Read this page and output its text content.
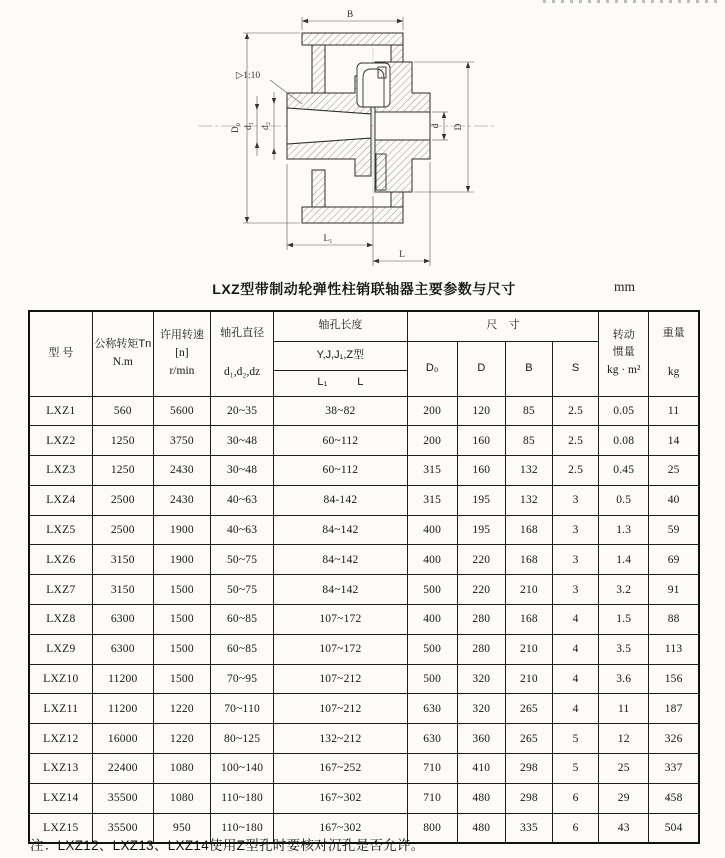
B
D₀ d₁ d₂	d D
L₁
L
▷1:10
LXZ型带制动轮弹性柱销联轴器主要参数与尺寸	mm
型 号	公称转矩Tn
N.m	许用转速
[n]
r/min	轴孔直径
d₁,d₂,dz	轴孔长度	尺　寸				转动
惯量
kg · m²	重量
kg

				Y,J,J₁,Z型	D₀	D	B	S		

				L₁ L						

LXZ1	560	5600	20~35	38~82	200	120	85	2.5	0.05	11
LXZ2	1250	3750	30~48	60~112	200	160	85	2.5	0.08	14
LXZ3	1250	2430	30~48	60~112	315	160	132	2.5	0.45	25
LXZ4	2500	2430	40~63	84-142	315	195	132	3	0.5	40
LXZ5	2500	1900	40~63	84~142	400	195	168	3	1.3	59
LXZ6	3150	1900	50~75	84~142	400	220	168	3	1.4	69
LXZ7	3150	1500	50~75	84~142	500	220	210	3	3.2	91
LXZ8	6300	1500	60~85	107~172	400	280	168	4	1.5	88
LXZ9	6300	1500	60~85	107~172	500	280	210	4	3.5	113
LXZ10	11200	1500	70~95	107~212	500	320	210	4	3.6	156
LXZ11	11200	1220	70~110	107~212	630	320	265	4	11	187
LXZ12	16000	1220	80~125	132~212	630	360	265	5	12	326
LXZ13	22400	1080	100~140	167~252	710	410	298	5	25	337
LXZ14	35500	1080	110~180	167~302	710	480	298	6	29	458
LXZ15	35500	950	110~180	167~302	800	480	335	6	43	504
注：LXZ12、LXZ13、LXZ14使用Z型孔时要核对沉孔是否允许。
